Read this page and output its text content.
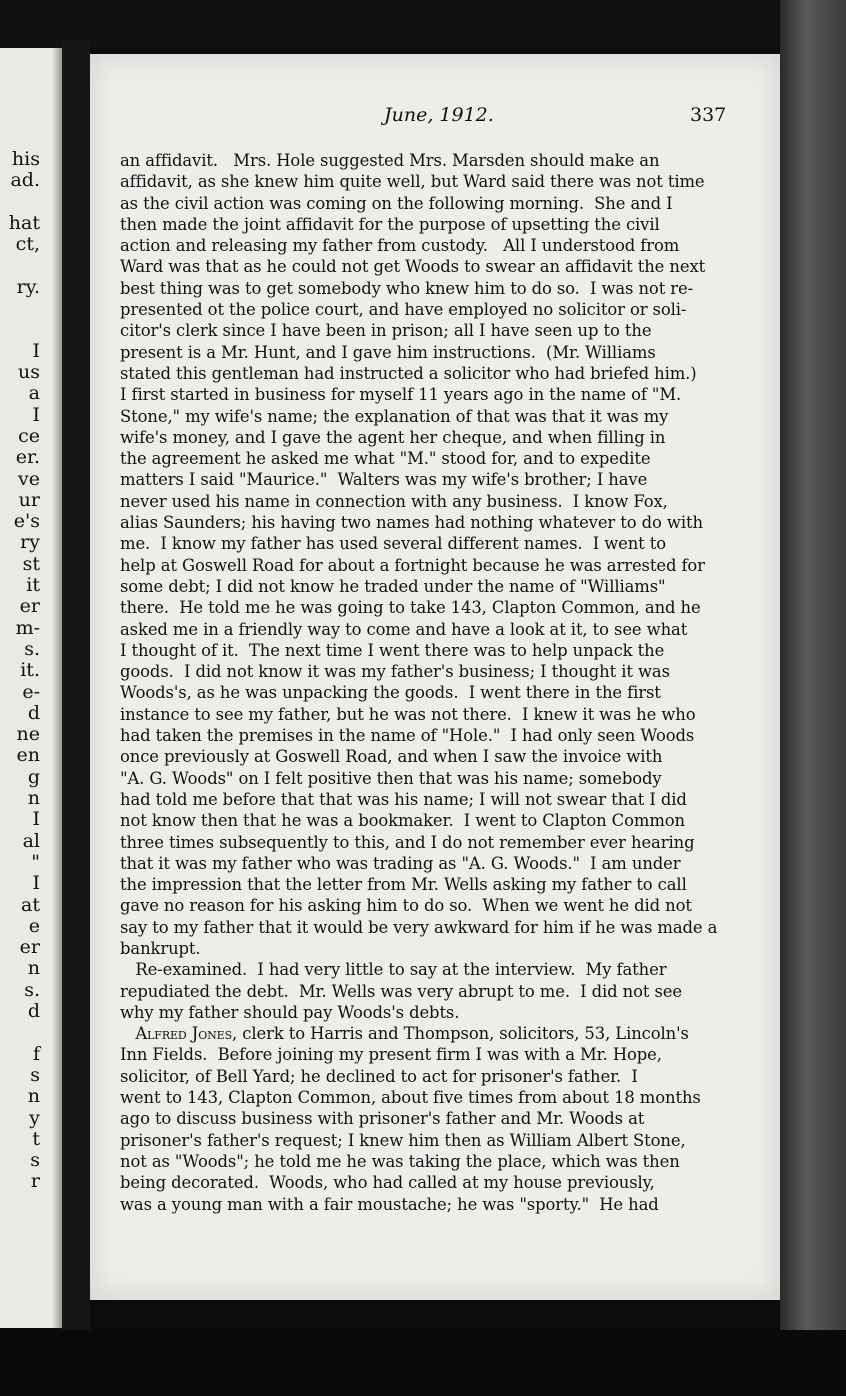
his
ad.
hat
ct,
ry.
I
us
a
I
ce
er.
ve
ur
e's
ry
st
it
er
m-
s.
it.
e-
d
ne
en
g
n
I
al
"
I
at
e
er
n
s.
d
f
s
n
y
t
s
r
June, 1912.	337
an affidavit.   Mrs. Hole suggested Mrs. Marsden should make an
affidavit, as she knew him quite well, but Ward said there was not time
as the civil action was coming on the following morning.  She and I
then made the joint affidavit for the purpose of upsetting the civil
action and releasing my father from custody.   All I understood from
Ward was that as he could not get Woods to swear an affidavit the next
best thing was to get somebody who knew him to do so.  I was not re-
presented ot the police court, and have employed no solicitor or soli-
citor's clerk since I have been in prison; all I have seen up to the
present is a Mr. Hunt, and I gave him instructions.  (Mr. Williams
stated this gentleman had instructed a solicitor who had briefed him.)
I first started in business for myself 11 years ago in the name of "M.
Stone," my wife's name; the explanation of that was that it was my
wife's money, and I gave the agent her cheque, and when filling in
the agreement he asked me what "M." stood for, and to expedite
matters I said "Maurice."  Walters was my wife's brother; I have
never used his name in connection with any business.  I know Fox,
alias Saunders; his having two names had nothing whatever to do with
me.  I know my father has used several different names.  I went to
help at Goswell Road for about a fortnight because he was arrested for
some debt; I did not know he traded under the name of "Williams"
there.  He told me he was going to take 143, Clapton Common, and he
asked me in a friendly way to come and have a look at it, to see what
I thought of it.  The next time I went there was to help unpack the
goods.  I did not know it was my father's business; I thought it was
Woods's, as he was unpacking the goods.  I went there in the first
instance to see my father, but he was not there.  I knew it was he who
had taken the premises in the name of "Hole."  I had only seen Woods
once previously at Goswell Road, and when I saw the invoice with
"A. G. Woods" on I felt positive then that was his name; somebody
had told me before that that was his name; I will not swear that I did
not know then that he was a bookmaker.  I went to Clapton Common
three times subsequently to this, and I do not remember ever hearing
that it was my father who was trading as "A. G. Woods."  I am under
the impression that the letter from Mr. Wells asking my father to call
gave no reason for his asking him to do so.  When we went he did not
say to my father that it would be very awkward for him if he was made a
bankrupt.
Re-examined.  I had very little to say at the interview.  My father
repudiated the debt.  Mr. Wells was very abrupt to me.  I did not see
why my father should pay Woods's debts.
Alfred Jones, clerk to Harris and Thompson, solicitors, 53, Lincoln's
Inn Fields.  Before joining my present firm I was with a Mr. Hope,
solicitor, of Bell Yard; he declined to act for prisoner's father.  I
went to 143, Clapton Common, about five times from about 18 months
ago to discuss business with prisoner's father and Mr. Woods at
prisoner's father's request; I knew him then as William Albert Stone,
not as "Woods"; he told me he was taking the place, which was then
being decorated.  Woods, who had called at my house previously,
was a young man with a fair moustache; he was "sporty."  He had
